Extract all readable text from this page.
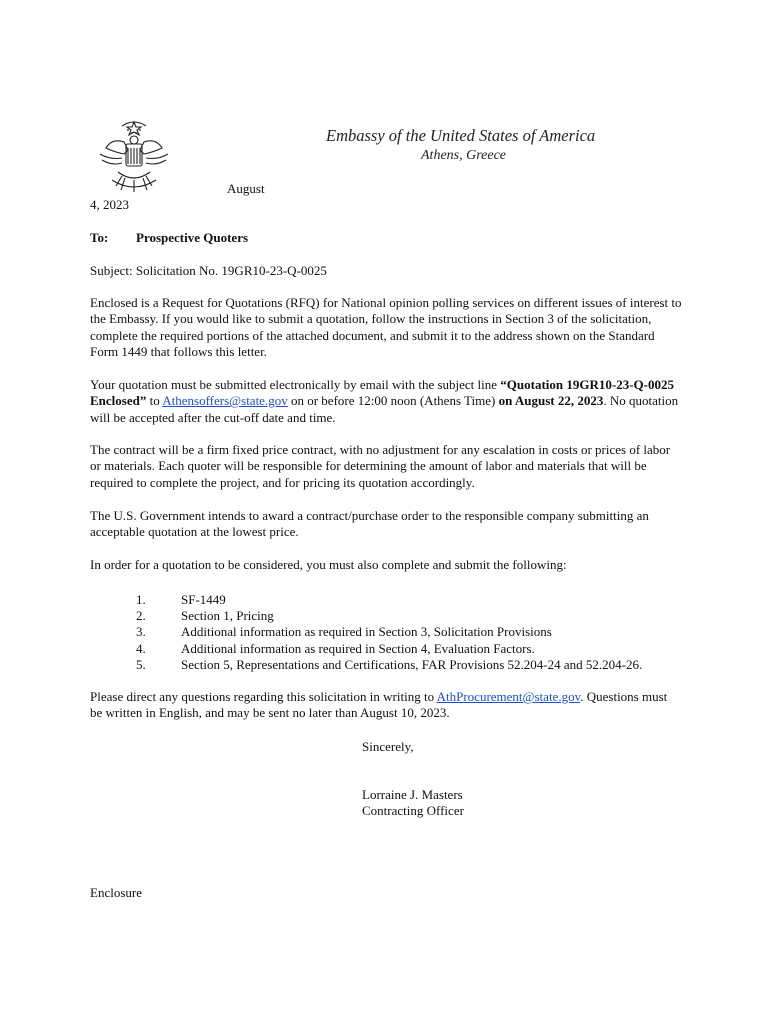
Embassy of the United States of America
Athens, Greece
August
4, 2023
To: Prospective Quoters

Subject: Solicitation No. 19GR10-23-Q-0025

Enclosed is a Request for Quotations (RFQ) for National opinion polling services on different issues of interest to the Embassy. If you would like to submit a quotation, follow the instructions in Section 3 of the solicitation, complete the required portions of the attached document, and submit it to the address shown on the Standard Form 1449 that follows this letter.

Your quotation must be submitted electronically by email with the subject line “Quotation 19GR10-23-Q-0025 Enclosed” to Athensoffers@state.gov on or before 12:00 noon (Athens Time) on August 22, 2023. No quotation will be accepted after the cut-off date and time.

The contract will be a firm fixed price contract, with no adjustment for any escalation in costs or prices of labor or materials. Each quoter will be responsible for determining the amount of labor and materials that will be required to complete the project, and for pricing its quotation accordingly.

The U.S. Government intends to award a contract/purchase order to the responsible company submitting an acceptable quotation at the lowest price.

In order for a quotation to be considered, you must also complete and submit the following:

1.	SF-1449
2.	Section 1, Pricing
3.	Additional information as required in Section 3, Solicitation Provisions
4.	Additional information as required in Section 4, Evaluation Factors.
5.	Section 5, Representations and Certifications, FAR Provisions 52.204-24 and 52.204-26.

Please direct any questions regarding this solicitation in writing to AthProcurement@state.gov. Questions must be written in English, and may be sent no later than August 10, 2023.

Sincerely,
Lorraine J. Masters
Contracting Officer
Enclosure
